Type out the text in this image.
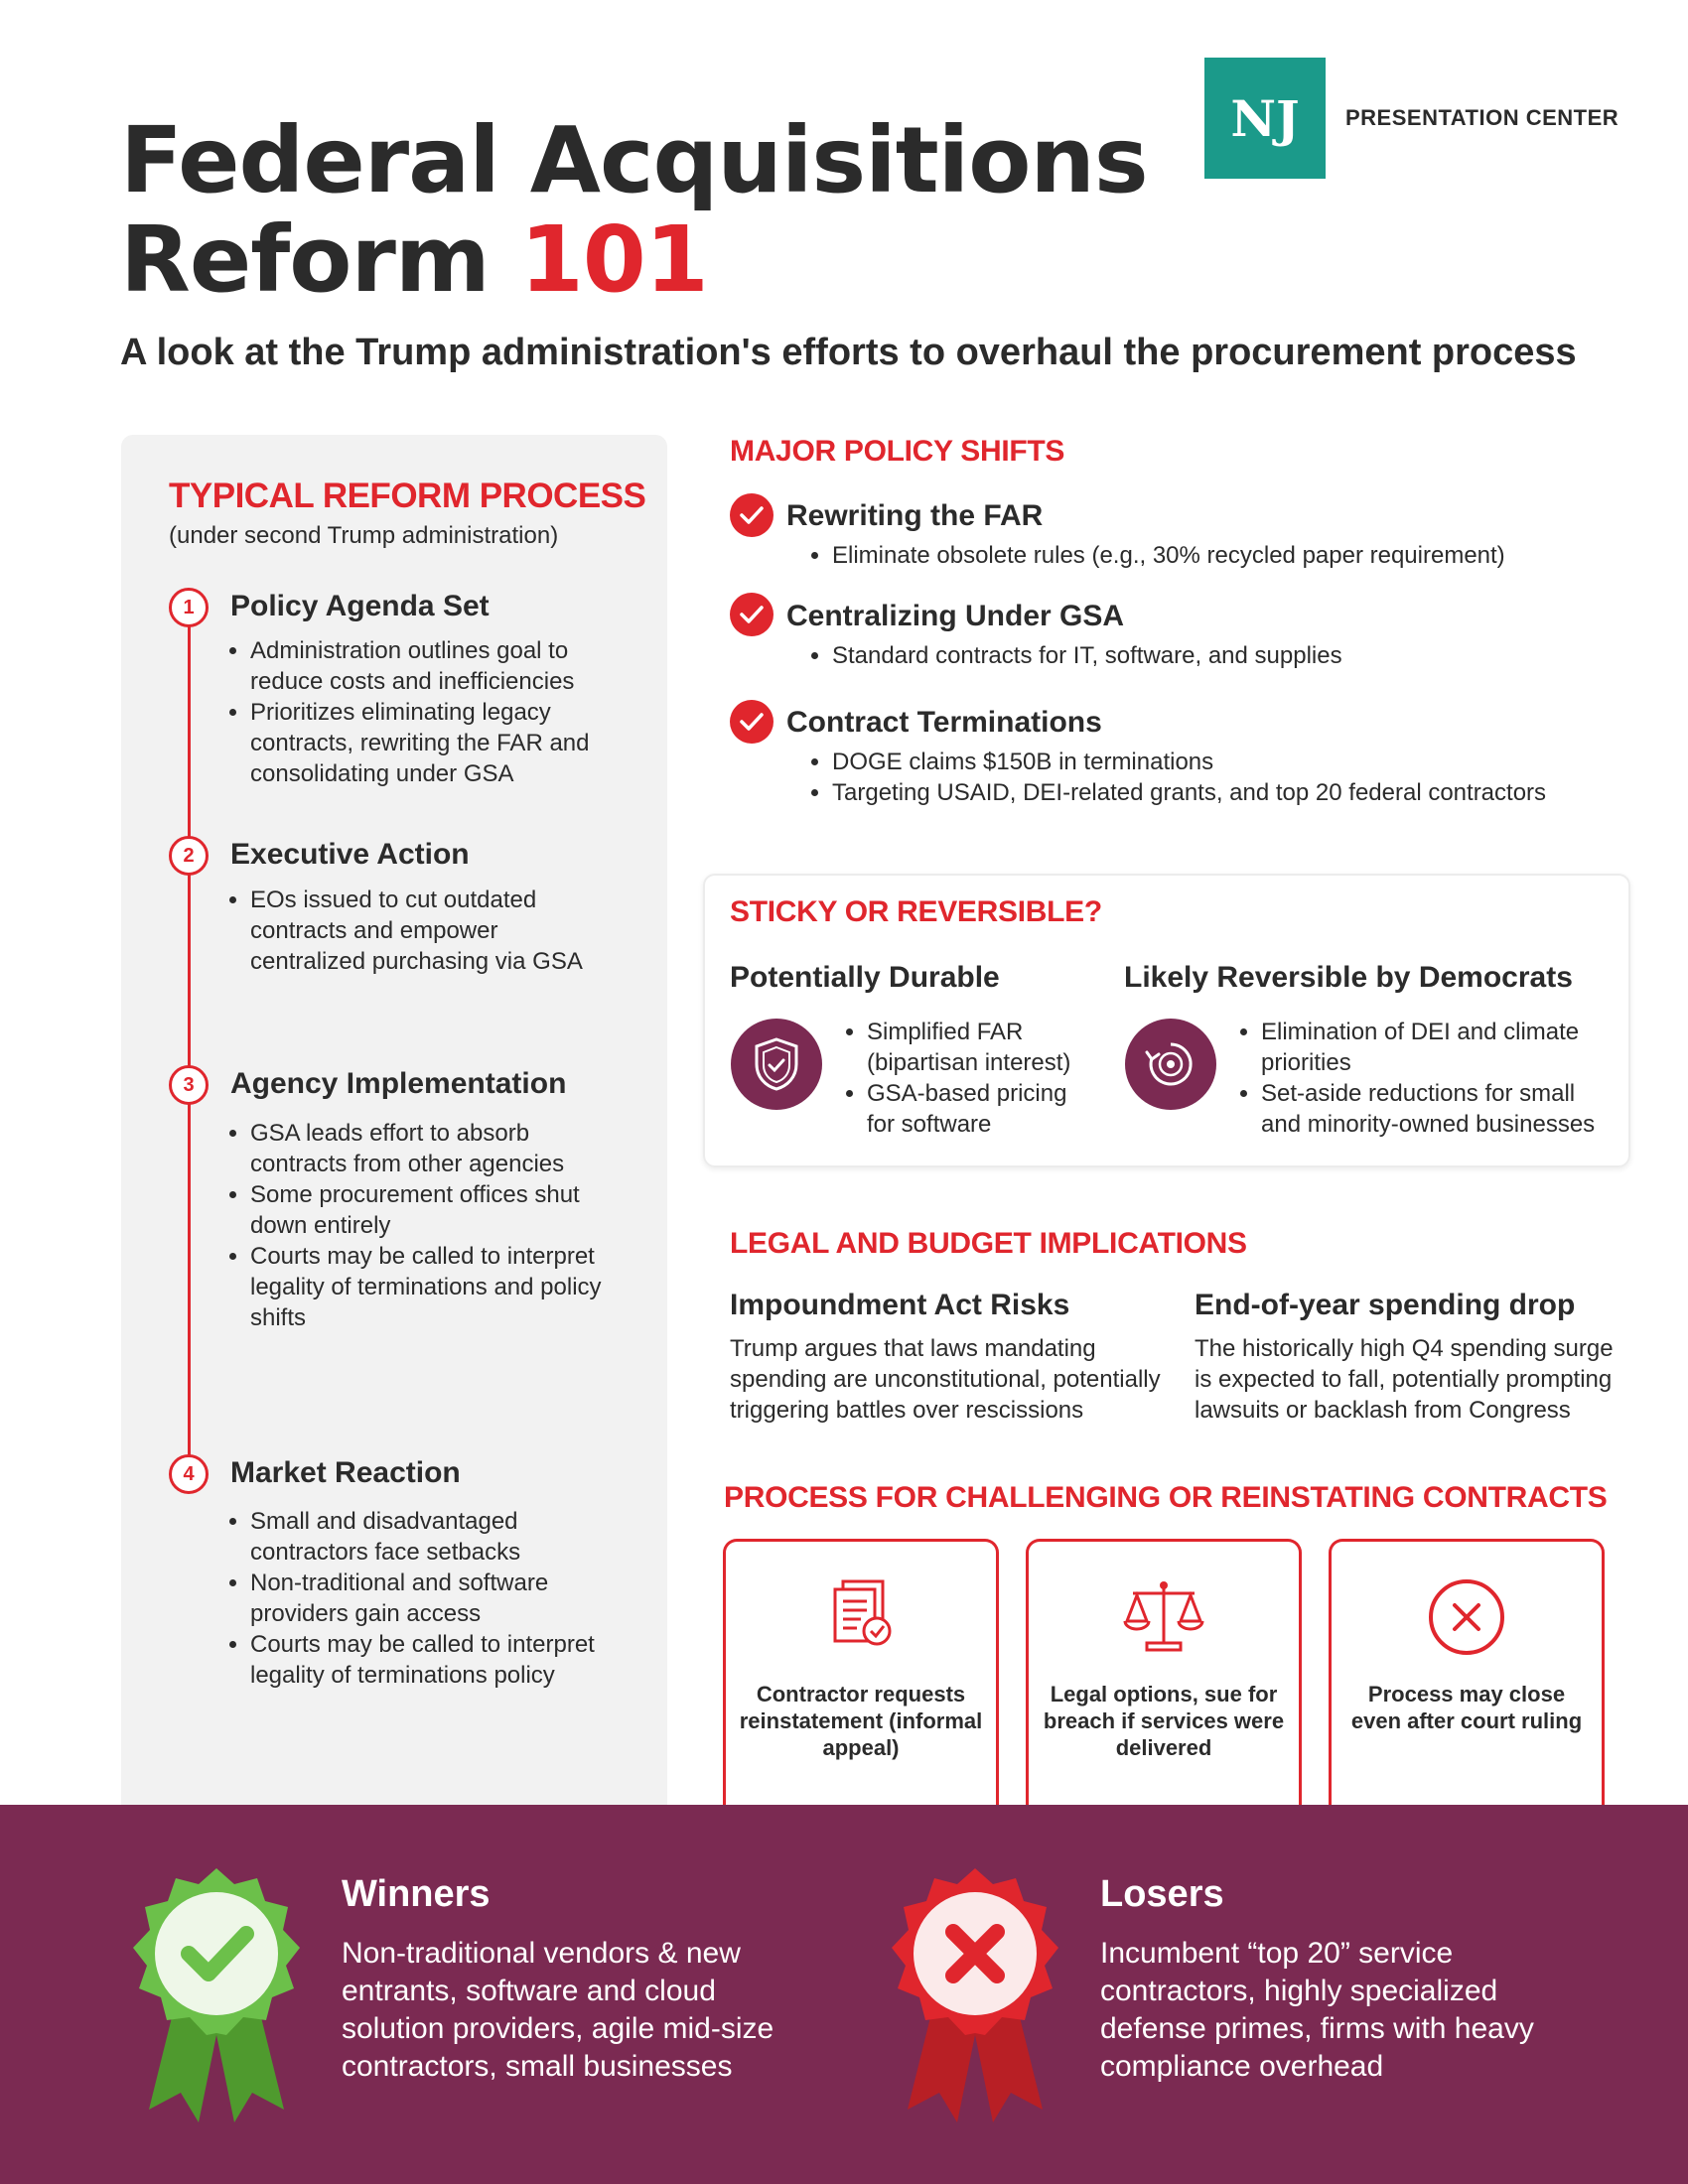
Federal Acquisitions
Reform 101
A look at the Trump administration's efforts to overhaul the procurement process
NJ	PRESENTATION CENTER
TYPICAL REFORM PROCESS
(under second Trump administration)
1	Policy Agenda Set
• Administration outlines goal to reduce costs and inefficiencies
• Prioritizes eliminating legacy contracts, rewriting the FAR and consolidating under GSA
2	Executive Action
• EOs issued to cut outdated contracts and empower centralized purchasing via GSA
3	Agency Implementation
• GSA leads effort to absorb contracts from other agencies
• Some procurement offices shut down entirely
• Courts may be called to interpret legality of terminations and policy shifts
4	Market Reaction
• Small and disadvantaged contractors face setbacks
• Non-traditional and software providers gain access
• Courts may be called to interpret legality of terminations policy
MAJOR POLICY SHIFTS
Rewriting the FAR
• Eliminate obsolete rules (e.g., 30% recycled paper requirement)
Centralizing Under GSA
• Standard contracts for IT, software, and supplies
Contract Terminations
• DOGE claims $150B in terminations
• Targeting USAID, DEI-related grants, and top 20 federal contractors
STICKY OR REVERSIBLE?
Potentially Durable
• Simplified FAR (bipartisan interest)
• GSA-based pricing for software
Likely Reversible by Democrats
• Elimination of DEI and climate priorities
• Set-aside reductions for small and minority-owned businesses
LEGAL AND BUDGET IMPLICATIONS
Impoundment Act Risks
Trump argues that laws mandating spending are unconstitutional, potentially triggering battles over rescissions
End-of-year spending drop
The historically high Q4 spending surge is expected to fall, potentially prompting lawsuits or backlash from Congress
PROCESS FOR CHALLENGING OR REINSTATING CONTRACTS
Contractor requests reinstatement (informal appeal)
Legal options, sue for breach if services were delivered
Process may close even after court ruling
Winners
Non-traditional vendors & new entrants, software and cloud solution providers, agile mid-size contractors, small businesses
Losers
Incumbent “top 20” service contractors, highly specialized defense primes, firms with heavy compliance overhead
